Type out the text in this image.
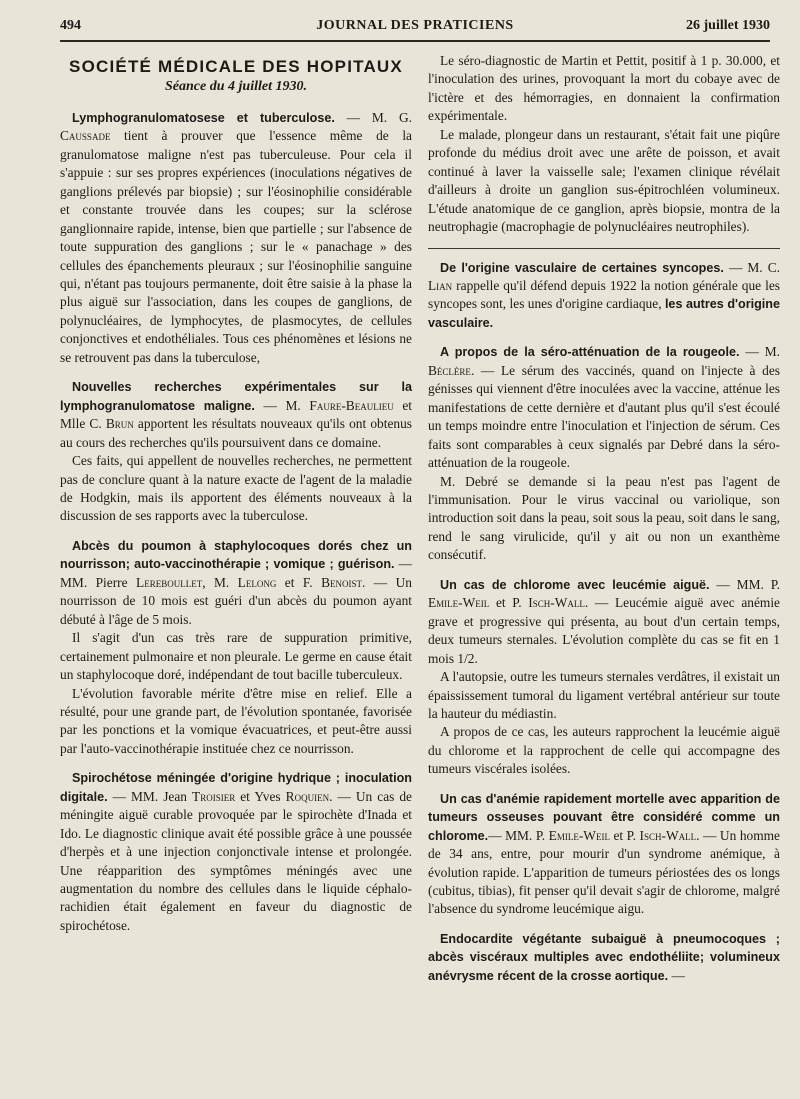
494	JOURNAL DES PRATICIENS	26 juillet 1930
SOCIÉTÉ MÉDICALE DES HOPITAUX
Séance du 4 juillet 1930.

Lymphogranulomatosese et tuberculose. — M. G. Caussade tient à prouver que l'essence même de la granulomatose maligne n'est pas tuberculeuse. Pour cela il s'appuie : sur ses propres expériences (inoculations négatives de ganglions prélevés par biopsie) ; sur l'éosinophilie considérable et constante trouvée dans les coupes; sur la sclérose ganglionnaire rapide, intense, bien que partielle ; sur l'absence de toute suppuration des ganglions ; sur le « panachage » des cellules des épanchements pleuraux ; sur l'éosinophilie sanguine qui, n'étant pas toujours permanente, doit être saisie à la phase la plus aiguë sur l'association, dans les coupes de ganglions, de polynucléaires, de lymphocytes, de plasmocytes, de cellules conjonctives et endothéliales. Tous ces phénomènes et lésions ne se retrouvent pas dans la tuberculose,

Nouvelles recherches expérimentales sur la lymphogranulomatose maligne. — M. Faure-Beaulieu et Mlle C. Brun apportent les résultats nouveaux qu'ils ont obtenus au cours des recherches qu'ils poursuivent dans ce domaine.

Ces faits, qui appellent de nouvelles recherches, ne permettent pas de conclure quant à la nature exacte de l'agent de la maladie de Hodgkin, mais ils apportent des éléments nouveaux à la discussion de ses rapports avec la tuberculose.

Abcès du poumon à staphylocoques dorés chez un nourrisson; auto-vaccinothérapie ; vomique ; guérison. — MM. Pierre Lereboullet, M. Lelong et F. Benoist. — Un nourrisson de 10 mois est guéri d'un abcès du poumon ayant débuté à l'âge de 5 mois.

Il s'agit d'un cas très rare de suppuration primitive, certainement pulmonaire et non pleurale. Le germe en cause était un staphylocoque doré, indépendant de tout bacille tuberculeux.

L'évolution favorable mérite d'être mise en relief. Elle a résulté, pour une grande part, de l'évolution spontanée, favorisée par les ponctions et la vomique évacuatrices, et peut-être aussi par l'auto-vaccinothérapie instituée chez ce nourrisson.

Spirochétose méningée d'origine hydrique ; inoculation digitale. — MM. Jean Troisier et Yves Roquien. — Un cas de méningite aiguë curable provoquée par le spirochète d'Inada et Ido. Le diagnostic clinique avait été possible grâce à une poussée d'herpès et à une injection conjonctivale intense et prolongée. Une réapparition des symptômes méningés avec une augmentation du nombre des cellules dans le liquide céphalo-rachidien était également en faveur du diagnostic de spirochétose.

Le séro-diagnostic de Martin et Pettit, positif à 1 p. 30.000, et l'inoculation des urines, provoquant la mort du cobaye avec de l'ictère et des hémorragies, en donnaient la confirmation expérimentale.

Le malade, plongeur dans un restaurant, s'était fait une piqûre profonde du médius droit avec une arête de poisson, et avait continué à laver la vaisselle sale; l'examen clinique révélait d'ailleurs à droite un ganglion sus-épitrochléen volumineux. L'étude anatomique de ce ganglion, après biopsie, montra de la neutrophagie (macrophagie de polynucléaires neutrophiles).

De l'origine vasculaire de certaines syncopes. — M. C. Lian rappelle qu'il défend depuis 1922 la notion générale que les syncopes sont, les unes d'origine cardiaque, les autres d'origine vasculaire.

A propos de la séro-atténuation de la rougeole. — M. Béclère. — Le sérum des vaccinés, quand on l'injecte à des génisses qui viennent d'être inoculées avec la vaccine, atténue les manifestations de cette dernière et d'autant plus qu'il s'est écoulé un temps moindre entre l'inoculation et l'injection de sérum. Ces faits sont comparables à ceux signalés par Debré dans la séro-atténuation de la rougeole.

M. Debré se demande si la peau n'est pas l'agent de l'immunisation. Pour le virus vaccinal ou variolique, son introduction soit dans la peau, soit sous la peau, soit dans le sang, rend le sang virulicide, qu'il y ait ou non un exanthème consécutif.

Un cas de chlorome avec leucémie aiguë. — MM. P. Emile-Weil et P. Isch-Wall. — Leucémie aiguë avec anémie grave et progressive qui présenta, au bout d'un certain temps, deux tumeurs sternales. L'évolution complète du cas se fit en 1 mois 1/2.

A l'autopsie, outre les tumeurs sternales verdâtres, il existait un épaississement tumoral du ligament vertébral antérieur sur toute la hauteur du médiastin.

A propos de ce cas, les auteurs rapprochent la leucémie aiguë du chlorome et la rapprochent de celle qui accompagne des tumeurs viscérales isolées.

Un cas d'anémie rapidement mortelle avec apparition de tumeurs osseuses pouvant être considéré comme un chlorome.— MM. P. Emile-Weil et P. Isch-Wall. — Un homme de 34 ans, entre, pour mourir d'un syndrome anémique, à évolution rapide. L'apparition de tumeurs périostées des os longs (cubitus, tibias), fit penser qu'il devait s'agir de chlorome, malgré l'absence du syndrome leucémique aigu.

Endocardite végétante subaiguë à pneumocoques ; abcès viscéraux multiples avec endothéliite; volumineux anévrysme récent de la crosse aortique. —
